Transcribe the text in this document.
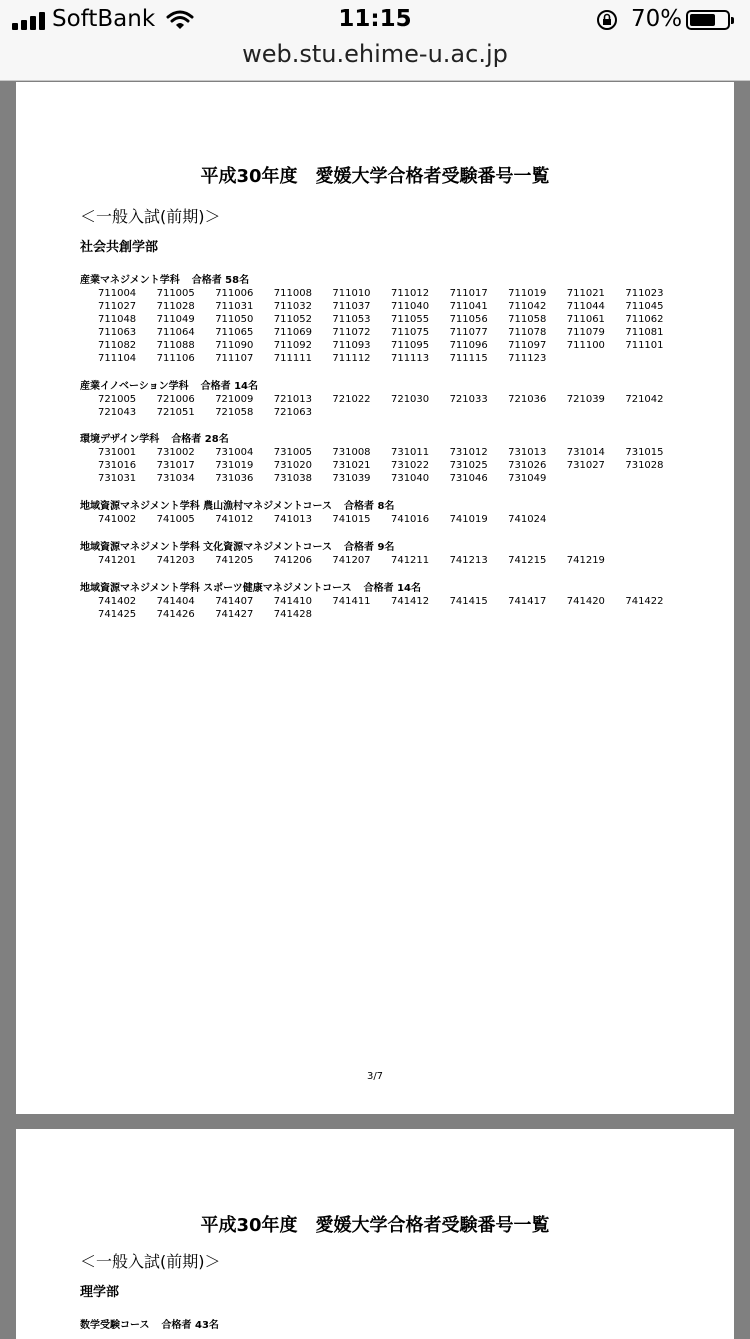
SoftBank	11:15	70%
web.stu.ehime-u.ac.jp
平成30年度　愛媛大学合格者受験番号一覧
＜一般入試(前期)＞
社会共創学部
産業マネジメント学科 合格者 58名
711004	711005	711006	711008	711010	711012	711017	711019	711021	711023
711027	711028	711031	711032	711037	711040	711041	711042	711044	711045
711048	711049	711050	711052	711053	711055	711056	711058	711061	711062
711063	711064	711065	711069	711072	711075	711077	711078	711079	711081
711082	711088	711090	711092	711093	711095	711096	711097	711100	711101
711104	711106	711107	711111	711112	711113	711115	711123
産業イノベーション学科 合格者 14名
721005	721006	721009	721013	721022	721030	721033	721036	721039	721042
721043	721051	721058	721063
環境デザイン学科 合格者 28名
731001	731002	731004	731005	731008	731011	731012	731013	731014	731015
731016	731017	731019	731020	731021	731022	731025	731026	731027	731028
731031	731034	731036	731038	731039	731040	731046	731049
地域資源マネジメント学科 農山漁村マネジメントコース 合格者 8名
741002	741005	741012	741013	741015	741016	741019	741024
地域資源マネジメント学科 文化資源マネジメントコース 合格者 9名
741201	741203	741205	741206	741207	741211	741213	741215	741219
地域資源マネジメント学科 スポーツ健康マネジメントコース 合格者 14名
741402	741404	741407	741410	741411	741412	741415	741417	741420	741422
741425	741426	741427	741428
3/7
平成30年度　愛媛大学合格者受験番号一覧
＜一般入試(前期)＞
理学部
数学受験コース 合格者 43名
